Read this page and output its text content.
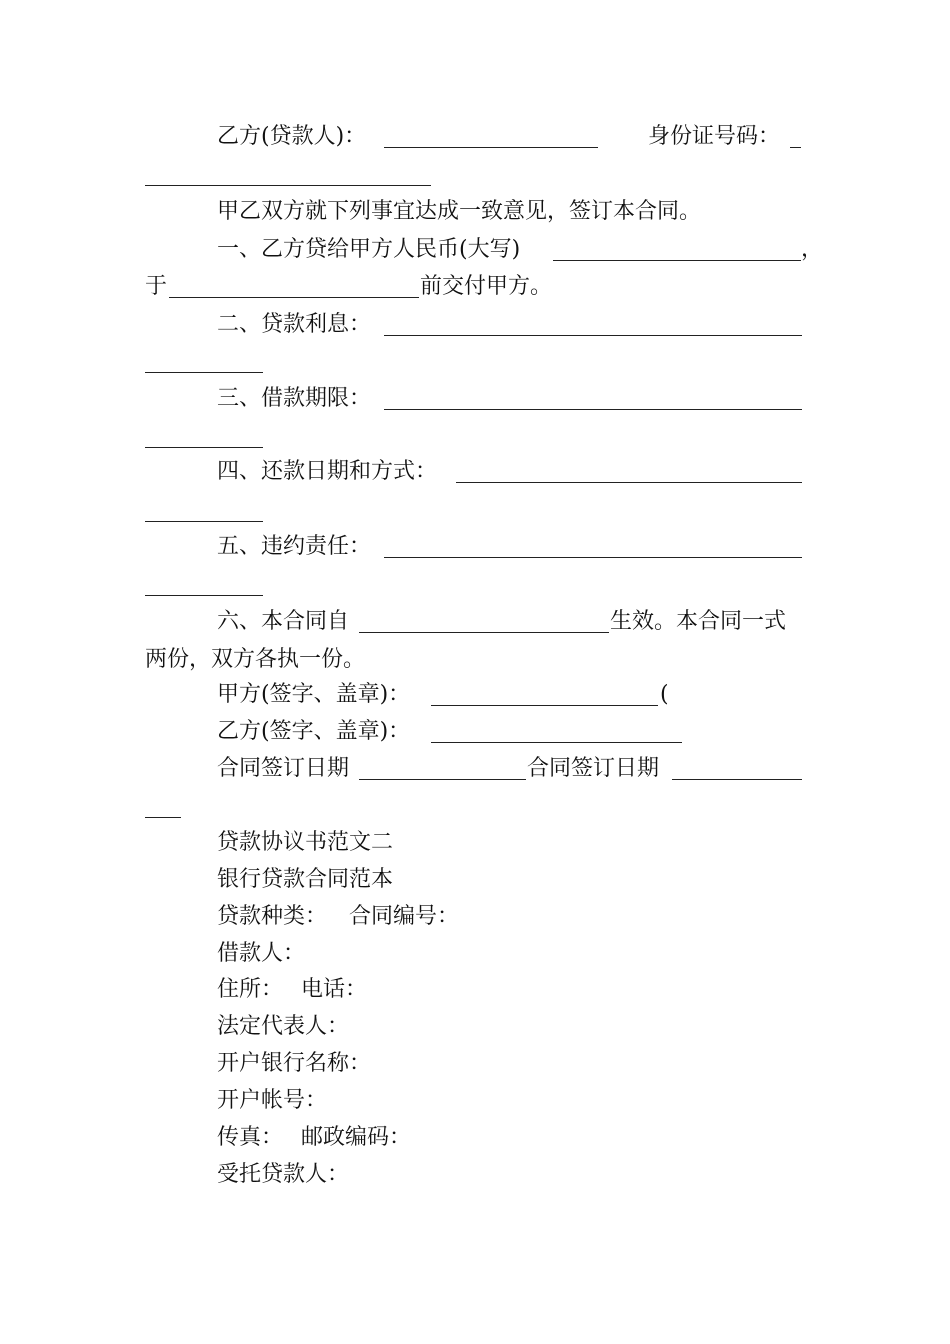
乙方(贷款人)：	身份证号码：
甲乙双方就下列事宜达成一致意见，签订本合同。
一、乙方贷给甲方人民币(大写)	，
于	前交付甲方。
二、贷款利息：
三、借款期限：
四、还款日期和方式：
五、违约责任：
六、本合同自	生效。本合同一式
两份，双方各执一份。
甲方(签字、盖章)：	(
乙方(签字、盖章)：
合同签订日期	合同签订日期
贷款协议书范文二
银行贷款合同范本
贷款种类： 合同编号：
借款人：
住所： 电话：
法定代表人：
开户银行名称：
开户帐号：
传真： 邮政编码：
受托贷款人：
